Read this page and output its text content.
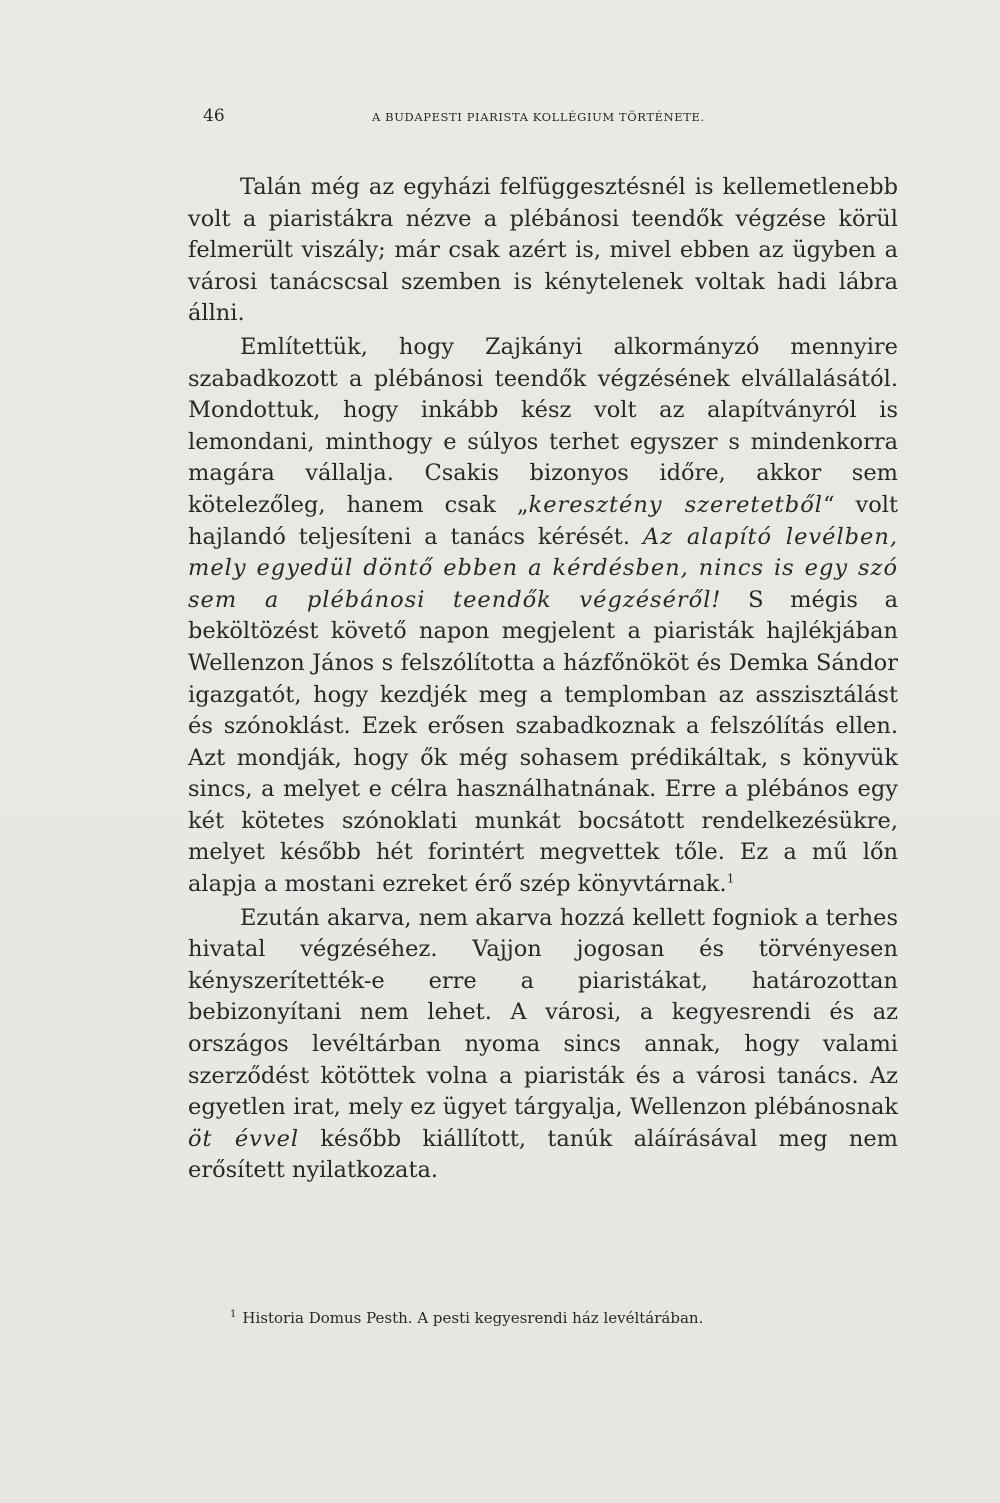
46	A BUDAPESTI PIARISTA KOLLÉGIUM TÖRTÉNETE.

Talán még az egyházi felfüggesztésnél is kellemetlenebb volt a piaristákra nézve a plébánosi teendők végzése körül felmerült viszály; már csak azért is, mivel ebben az ügyben a városi tanácscsal szemben is kénytelenek voltak hadi lábra állni.

Említettük, hogy Zajkányi alkormányzó mennyire szabadkozott a plébánosi teendők végzésének elvállalásától. Mondottuk, hogy inkább kész volt az alapítványról is lemondani, minthogy e súlyos terhet egyszer s mindenkorra magára vállalja. Csakis bizonyos időre, akkor sem kötelezőleg, hanem csak „keresztény szeretetből“ volt hajlandó teljesíteni a tanács kérését. Az alapító levélben, mely egyedül döntő ebben a kérdésben, nincs is egy szó sem a plébánosi teendők végzéséről! S mégis a beköltözést követő napon megjelent a piaristák hajlékjában Wellenzon János s felszólította a házfőnököt és Demka Sándor igazgatót, hogy kezdjék meg a templomban az asszisztálást és szónoklást. Ezek erősen szabadkoznak a felszólítás ellen. Azt mondják, hogy ők még sohasem prédikáltak, s könyvük sincs, a melyet e célra használhatnának. Erre a plébános egy két kötetes szónoklati munkát bocsátott rendelkezésükre, melyet később hét forintért megvettek tőle. Ez a mű lőn alapja a mostani ezreket érő szép könyvtárnak.$^1$

Ezután akarva, nem akarva hozzá kellett fogniok a terhes hivatal végzéséhez. Vajjon jogosan és törvényesen kényszerítették-e erre a piaristákat, határozottan bebizonyítani nem lehet. A városi, a kegyesrendi és az országos levéltárban nyoma sincs annak, hogy valami szerződést kötöttek volna a piaristák és a városi tanács. Az egyetlen irat, mely ez ügyet tárgyalja, Wellenzon plébánosnak öt évvel később kiállított, tanúk aláírásával meg nem erősített nyilatkozata.

$^1$ Historia Domus Pesth. A pesti kegyesrendi ház levéltárában.
